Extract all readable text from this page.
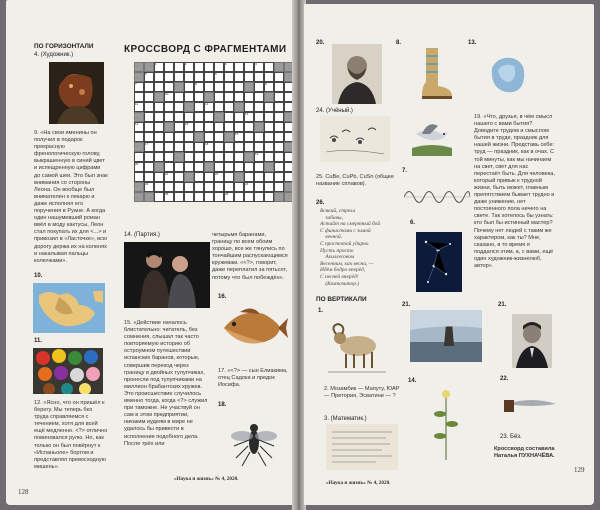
ПО ГОРИЗОНТАЛИ
4. (Художник.)

9. «На свои именины он получил в подарок прекрасную френологическую голову, выкрашенную в синий цвет и испещренную цифрами до самой шеи. Это был знак внимания со стороны Леона. Он вообще был внимателен к лекарю и даже исполнял его поручения в Руане. А когда один нашумевший роман ввёл в моду кактусы, Леон стал покупать их для <...> и привозил в «Ласточке», всю дорогу держа их на коленях и накалывая пальцы колючками».

10.
11.

12. «Ясно, что он пришёл к берегу. Мы теперь без труда справляемся с течением, хотя для всей ещё медленно. <?> отлично повиновался рулю. Но, как только он был повёрнут к «Испаньоле» бортом и представлял превосходную мишень».

КРОССВОРД С ФРАГМЕНТАМИ
1	2	3	4
5	6
7	8	9
10
11	12
13
14	15
16
17	18
19
20
21	22
23	24
25	26
14. (Партия.)	четырьмя баранами, границу по всем обоим хорошо, все же тянулись по тончайшим распускающимся кружевам. «<?>, говорит, даже переплатил за пятьсот, потому что был побеждён».

15. «Действие началось блистательно: читатель, без сомнения, слышал так часто повторяемую историю об остроумном путешествии испанских баранов, которые, совершив переход через границу в двойных тулупчиках, пронесли под тулупчиками на миллион брабантских кружев. Это происшествие случилось именно тогда, когда <?> служил при таможне. Не участвуй он сам в этом предприятии, никаким иудеям в мире не удалось бы привести в исполнение подобного дела. После трёх или

16.

17. «<?> — сын Елиакима, отец Садока и предок Иосифа.

18.
«Наука и жизнь» № 4, 2020.
128
20.	8.	13.
24. (Учёный.)

25. CuBe, CuPb, CuSn (общее название сплавов).

7.
26.
Всякий, стрела
забавы,
Астайт на смертный бой
С финистами с зимой
вечной.
С простотой ударно
Пусть просто
Ахиллесовом
Весенним, как весна, —
Идём бодро вперёд,
С песней вперёд!
(Композитор.)
6.

19. «Что, друзья, в чём смысл нашего с вами бытия? Доводите трудом и смыслом бытия в труде, праздник для нашей жизни. Представь себе: труд — праздник, как в очах. С той минуты, как мы начинаем на свет, свет для нас перестаёт быть. Для человека, который привык к трудной жизни, быть может, главным препятствием бывает трудно и даже унижение, нет постоянного пола ничего на свете. Так хотелось бы узнать: кто был бы истинный мастер? Почему нет людей с таким же характером, как ты? Мне, сказано, в то время я поддался этим, а, с вами, ещё один художник-жизнелюб, автор».

ПО ВЕРТИКАЛИ
1.
21.	21.

2. Мозамбик — Мапуту, ЮАР — Претория, Эсватини — ?

3. (Математик.)
14.	22.
23. Бёз.
Кроссворд составила Наталья ПУХНАЧЁВА.
«Наука и жизнь» № 4, 2020.
129
